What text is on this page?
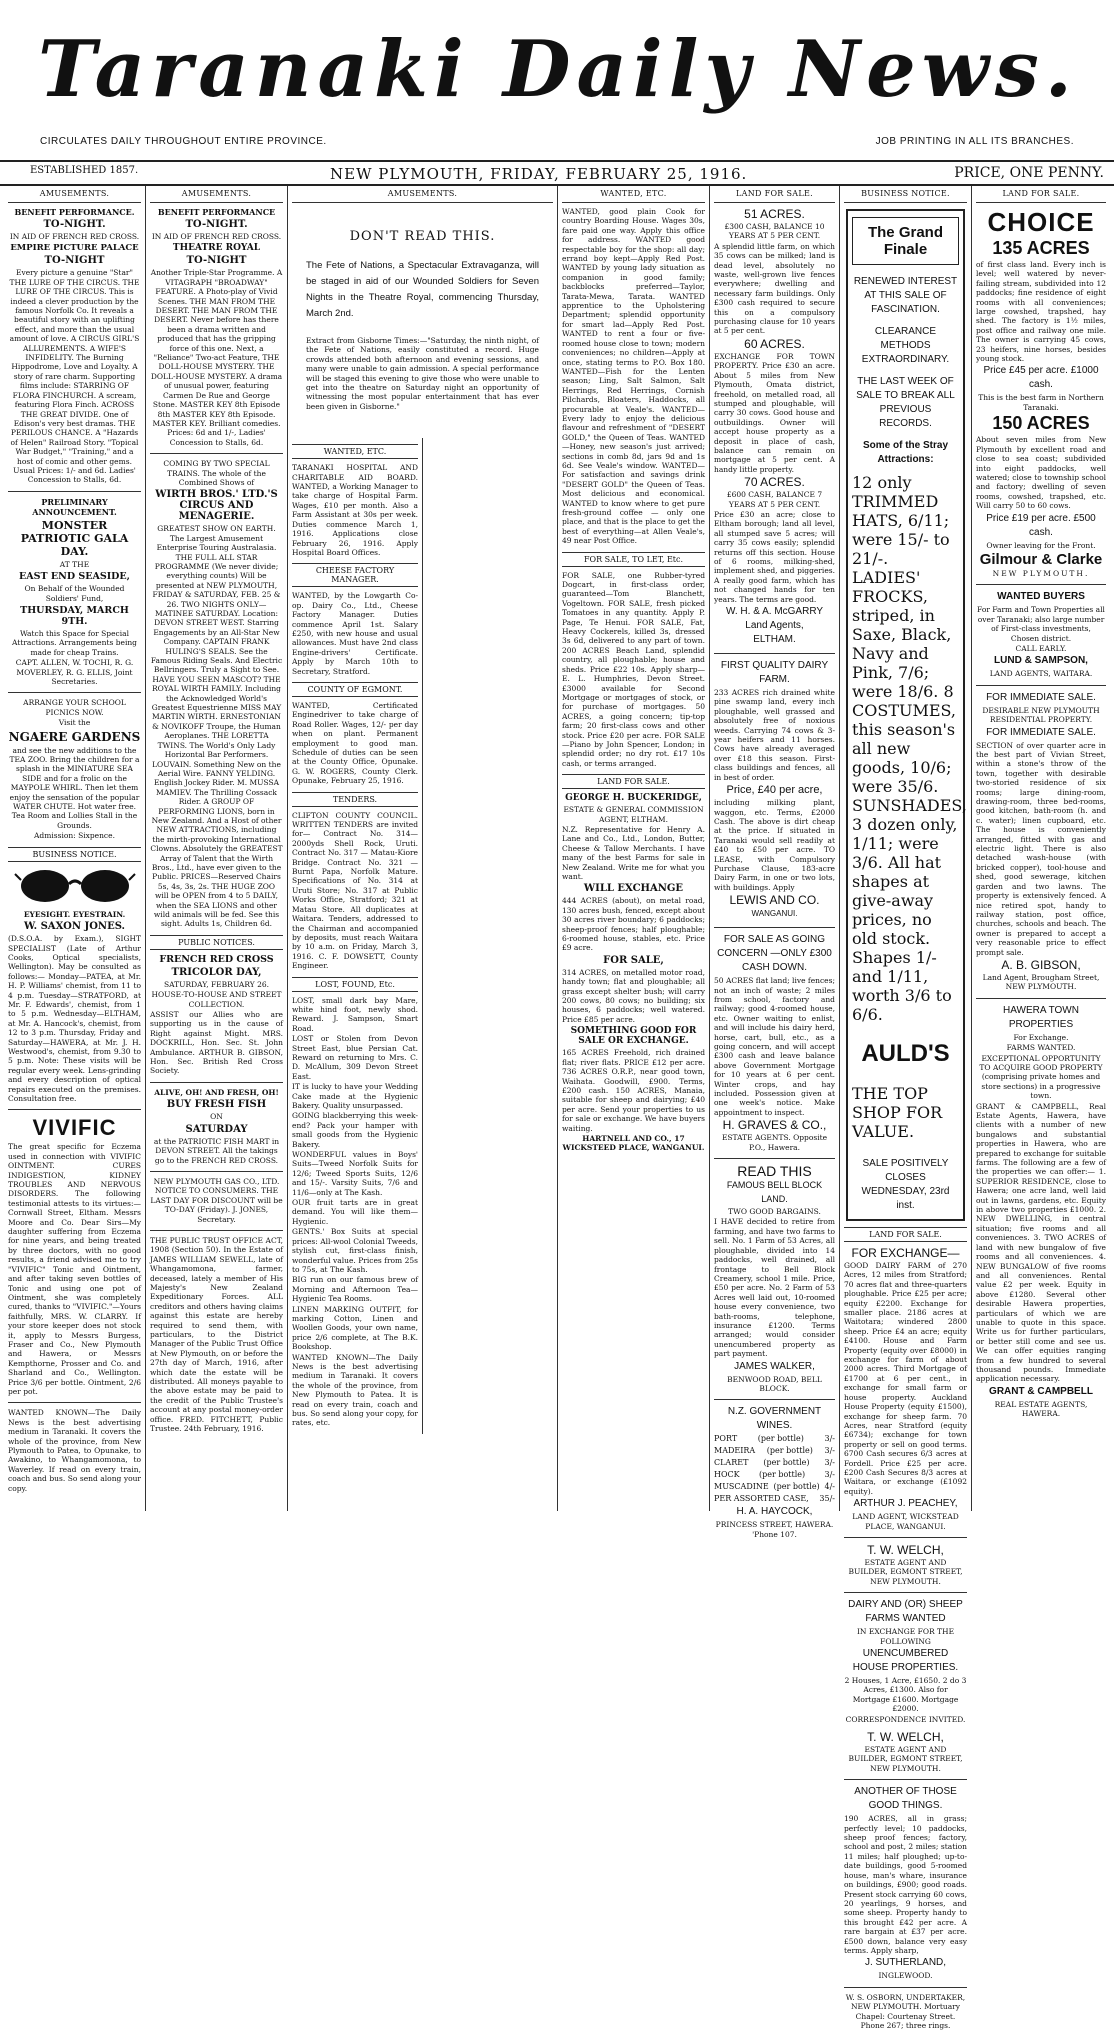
Taranaki Daily News.
CIRCULATES DAILY THROUGHOUT ENTIRE PROVINCE.	JOB PRINTING IN ALL ITS BRANCHES.
ESTABLISHED 1857.	NEW PLYMOUTH, FRIDAY, FEBRUARY 25, 1916.	PRICE, ONE PENNY.
AMUSEMENTS.
BENEFIT PERFORMANCE.
TO-NIGHT.

IN AID OF FRENCH RED CROSS.

EMPIRE PICTURE PALACE
TO-NIGHT

Every picture a genuine "Star" THE LURE OF THE CIRCUS. THE LURE OF THE CIRCUS. This is indeed a clever production by the famous Norfolk Co. It reveals a beautiful story with an uplifting effect, and more than the usual amount of love. A CIRCUS GIRL'S ALLUREMENTS. A WIFE'S INFIDELITY. The Burning Hippodrome, Love and Loyalty. A story of rare charm. Supporting films include: STARRING OF FLORA FINCHURCH. A scream, featuring Flora Finch. ACROSS THE GREAT DIVIDE. One of Edison's very best dramas. THE PERILOUS CHANCE. A "Hazards of Helen" Railroad Story. "Topical War Budget," "Training," and a host of comic and other gems. Usual Prices: 1/- and 6d. Ladies' Concession to Stalls, 6d.

PRELIMINARY ANNOUNCEMENT.
MONSTER PATRIOTIC GALA DAY.

AT THE

EAST END SEASIDE,

On Behalf of the Wounded Soldiers' Fund,

THURSDAY, MARCH 9TH.

Watch this Space for Special Attractions. Arrangements being made for cheap Trains.

CAPT. ALLEN, W. TOCHI, R. G. MOVERLEY, R. G. ELLIS, Joint Secretaries.

ARRANGE YOUR SCHOOL PICNICS NOW.

Visit the

NGAERE GARDENS

and see the new additions to the TEA ZOO. Bring the children for a splash in the MINIATURE SEA SIDE and for a frolic on the MAYPOLE WHIRL. Then let them enjoy the sensation of the popular WATER CHUTE. Hot water free. Tea Room and Lollies Stall in the Grounds.

Admission: Sixpence.

BUSINESS NOTICE.

EYESIGHT. EYESTRAIN.

W. SAXON JONES.

(D.S.O.A. by Exam.), SIGHT SPECIALIST (Late of Arthur Cooks, Optical specialists, Wellington). May be consulted as follows:— Monday—PATEA, at Mr. H. P. Williams' chemist, from 11 to 4 p.m. Tuesday—STRATFORD, at Mr. F. Edwards', chemist, from 1 to 5 p.m. Wednesday—ELTHAM, at Mr. A. Hancock's, chemist, from 12 to 3 p.m. Thursday, Friday and Saturday—HAWERA, at Mr. J. H. Westwood's, chemist, from 9.30 to 5 p.m. Note: These visits will be regular every week. Lens-grinding and every description of optical repairs executed on the premises. Consultation free.

VIVIFIC

The great specific for Eczema used in connection with VIVIFIC OINTMENT. CURES INDIGESTION, KIDNEY TROUBLES AND NERVOUS DISORDERS. The following testimonial attests to its virtues:— Cornwall Street, Eltham. Messrs Moore and Co. Dear Sirs—My daughter suffering from Eczema for nine years, and being treated by three doctors, with no good results, a friend advised me to try "VIVIFIC" Tonic and Ointment, and after taking seven bottles of Tonic and using one pot of Ointment, she was completely cured, thanks to "VIVIFIC."—Yours faithfully, MRS. W. CLARRY. If your store keeper does not stock it, apply to Messrs Burgess, Fraser and Co., New Plymouth and Hawera, or Messrs Kempthorne, Prosser and Co. and Sharland and Co., Wellington. Price 3/6 per bottle. Ointment, 2/6 per pot.

WANTED KNOWN—The Daily News is the best advertising medium in Taranaki. It covers the whole of the province, from New Plymouth to Patea, to Opunake, to Awakino, to Whangamomona, to Waverley. If read on every train, coach and bus. So send along your copy.

AMUSEMENTS.
BENEFIT PERFORMANCE
TO-NIGHT.

IN AID OF FRENCH RED CROSS.

THEATRE ROYAL
TO-NIGHT

Another Triple-Star Programme. A VITAGRAPH "BROADWAY" FEATURE. A Photo-play of Vivid Scenes. THE MAN FROM THE DESERT. THE MAN FROM THE DESERT. Never before has there been a drama written and produced that has the gripping force of this one. Next, a "Reliance" Two-act Feature, THE DOLL-HOUSE MYSTERY. THE DOLL-HOUSE MYSTERY. A drama of unusual power, featuring Carmen De Rue and George Stone. MASTER KEY 8th Episode 8th MASTER KEY 8th Episode. MASTER KEY. Brilliant comedies. Prices: 6d and 1/-, Ladies' Concession to Stalls, 6d.

COMING BY TWO SPECIAL TRAINS. The whole of the Combined Shows of

WIRTH BROS.' LTD.'S CIRCUS AND MENAGERIE.

GREATEST SHOW ON EARTH. The Largest Amusement Enterprise Touring Australasia. THE FULL ALL STAR PROGRAMME (We never divide; everything counts) Will be presented at NEW PLYMOUTH, FRIDAY & SATURDAY, FEB. 25 & 26. TWO NIGHTS ONLY—MATINEE SATURDAY. Location: DEVON STREET WEST. Starring Engagements by an All-Star New Company. CAPTAIN FRANK HULING'S SEALS. See the Famous Riding Seals. And Electric Bellringers. Truly a Sight to See. HAVE YOU SEEN MASCOT? THE ROYAL WIRTH FAMILY. Including the Acknowledged World's Greatest Equestrienne MISS MAY MARTIN WIRTH. ERNESTONIAN & NOVIKOFF Troupe, the Human Aeroplanes. THE LORETTA TWINS. The World's Only Lady Horizontal Bar Performers. LOUVAIN. Something New on the Aerial Wire. FANNY YELDING. English Jockey Rider. M. MUSSA MAMIEV. The Thrilling Cossack Rider. A GROUP OF PERFORMING LIONS, born in New Zealand. And a Host of other NEW ATTRACTIONS, including the mirth-provoking International Clowns. Absolutely the GREATEST Array of Talent that the Wirth Bros., Ltd., have ever given to the Public. PRICES—Reserved Chairs 5s, 4s, 3s, 2s. THE HUGE ZOO will be OPEN from 4 to 5 DAILY, when the SEA LIONS and other wild animals will be fed. See this sight. Adults 1s, Children 6d.

PUBLIC NOTICES.
FRENCH RED CROSS
TRICOLOR DAY,

SATURDAY, FEBRUARY 26.

HOUSE-TO-HOUSE AND STREET COLLECTION.

ASSIST our Allies who are supporting us in the cause of Right against Might. MRS. DOCKRILL, Hon. Sec. St. John Ambulance. ARTHUR B. GIBSON, Hon. Sec. British Red Cross Society.

ALIVE, OH! AND FRESH, OH!

BUY FRESH FISH

ON

SATURDAY

at the PATRIOTIC FISH MART in DEVON STREET. All the takings go to the FRENCH RED CROSS.

NEW PLYMOUTH GAS CO., LTD. NOTICE TO CONSUMERS. THE LAST DAY FOR DISCOUNT will be TO-DAY (Friday). J. JONES, Secretary.

THE PUBLIC TRUST OFFICE ACT, 1908 (Section 50). In the Estate of JAMES WILLIAM SEWELL, late of Whangamomona, farmer, deceased, lately a member of His Majesty's New Zealand Expeditionary Forces. ALL creditors and others having claims against this estate are hereby required to send them, with particulars, to the District Manager of the Public Trust Office at New Plymouth, on or before the 27th day of March, 1916, after which date the estate will be distributed. All moneys payable to the above estate may be paid to the credit of the Public Trustee's account at any postal money-order office. FRED. FITCHETT, Public Trustee. 24th February, 1916.

AMUSEMENTS.
DON'T READ THIS.

The Fete of Nations, a Spectacular Extravaganza, will be staged in aid of our Wounded Soldiers for Seven Nights in the Theatre Royal, commencing Thursday, March 2nd.

Extract from Gisborne Times:—"Saturday, the ninth night, of the Fete of Nations, easily constituted a record. Huge crowds attended both afternoon and evening sessions, and many were unable to gain admission. A special performance will be staged this evening to give those who were unable to get into the theatre on Saturday night an opportunity of witnessing the most popular entertainment that has ever been given in Gisborne."

WANTED, ETC.

TARANAKI HOSPITAL AND CHARITABLE AID BOARD. WANTED, a Working Manager to take charge of Hospital Farm. Wages, £10 per month. Also a Farm Assistant at 30s per week. Duties commence March 1, 1916. Applications close February 26, 1916. Apply Hospital Board Offices.

CHEESE FACTORY MANAGER.

WANTED, by the Lowgarth Co-op. Dairy Co., Ltd., Cheese Factory Manager. Duties commence April 1st. Salary £250, with new house and usual allowances. Must have 2nd class Engine-drivers' Certificate. Apply by March 10th to Secretary, Stratford.

COUNTY OF EGMONT.

WANTED, Certificated Enginedriver to take charge of Road Roller. Wages, 12/- per day when on plant. Permanent employment to good man. Schedule of duties can be seen at the County Office, Opunake. G. W. ROGERS, County Clerk. Opunake, February 25, 1916.

TENDERS.

CLIFTON COUNTY COUNCIL. WRITTEN TENDERS are invited for— Contract No. 314—2000yds Shell Rock, Uruti. Contract No. 317 — Matau-Kiore Bridge. Contract No. 321 — Burnt Papa, Norfolk Mature. Specifications of No. 314 at Uruti Store; No. 317 at Public Works Office, Stratford; 321 at Matau Store. All duplicates at Waitara. Tenders, addressed to the Chairman and accompanied by deposits, must reach Waitara by 10 a.m. on Friday, March 3, 1916. C. F. DOWSETT, County Engineer.

LOST, FOUND, Etc.

LOST, small dark bay Mare, white hind foot, newly shod. Reward. J. Sampson, Smart Road.

LOST or Stolen from Devon Street East, blue Persian Cat. Reward on returning to Mrs. C. D. McAllum, 309 Devon Street East.

IT is lucky to have your Wedding Cake made at the Hygienic Bakery. Quality unsurpassed.

GOING blackberrying this week-end? Pack your hamper with small goods from the Hygienic Bakery.

WONDERFUL values in Boys' Suits—Tweed Norfolk Suits for 12/6; Tweed Sports Suits, 12/6 and 15/-. Varsity Suits, 7/6 and 11/6—only at The Kash.

OUR fruit tarts are in great demand. You will like them—Hygienic.

GENTS.' Box Suits at special prices: All-wool Colonial Tweeds, stylish cut, first-class finish, wonderful value. Prices from 25s to 75s, at The Kash.

BIG run on our famous brew of Morning and Afternoon Tea—Hygienic Tea Rooms.

LINEN MARKING OUTFIT, for marking Cotton, Linen and Woollen Goods, your own name, price 2/6 complete, at The B.K. Bookshop.

WANTED KNOWN—The Daily News is the best advertising medium in Taranaki. It covers the whole of the province, from New Plymouth to Patea. It is read on every train, coach and bus. So send along your copy, for rates, etc.

WANTED, ETC.

WANTED, good plain Cook for country Boarding House. Wages 30s, fare paid one way. Apply this office for address. WANTED good respectable boy for the shop: all day; errand boy kept—Apply Red Post. WANTED by young lady situation as companion in good family; backblocks preferred—Taylor, Tarata-Mewa, Tarata. WANTED apprentice to the Upholstering Department; splendid opportunity for smart lad—Apply Red Post. WANTED to rent a four or five-roomed house close to town; modern conveniences; no children—Apply at once, stating terms to P.O. Box 180. WANTED—Fish for the Lenten season; Ling, Salt Salmon, Salt Herrings, Red Herrings, Cornish Pilchards, Bloaters, Haddocks, all procurable at Veale's. WANTED—Every lady to enjoy the delicious flavour and refreshment of "DESERT GOLD," the Queen of Teas. WANTED—Honey, new season's just arrived; sections in comb 8d, jars 9d and 1s 6d. See Veale's window. WANTED—For satisfaction and savings drink "DESERT GOLD" the Queen of Teas. Most delicious and economical. WANTED to know where to get pure fresh-ground coffee — only one place, and that is the place to get the best of everything—at Allen Veale's, 49 near Post Office.

FOR SALE, TO LET, Etc.

FOR SALE, one Rubber-tyred Dogcart, in first-class order, guaranteed—Tom Blanchett, Vogeltown. FOR SALE, fresh picked Tomatoes in any quantity. Apply P. Page, Te Henui. FOR SALE, Fat, Heavy Cockerels, killed 3s, dressed 3s 6d, delivered to any part of town. 200 ACRES Beach Land, splendid country, all ploughable; house and sheds. Price £22 10s. Apply sharp—E. L. Humphries, Devon Street. £3000 available for Second Mortgage or mortgages of stock, or for purchase of mortgages. 50 ACRES, a going concern; tip-top farm; 20 first-class cows and other stock. Price £20 per acre. FOR SALE—Piano by John Spencer, London; in splendid order; no dry rot. £17 10s cash, or terms arranged.

LAND FOR SALE.
GEORGE H. BUCKERIDGE,

ESTATE & GENERAL COMMISSION AGENT, ELTHAM.

N.Z. Representative for Henry A. Lane and Co., Ltd., London, Butter, Cheese & Tallow Merchants. I have many of the best Farms for sale in New Zealand. Write me for what you want.

WILL EXCHANGE

444 ACRES (about), on metal road, 130 acres bush, fenced, except about 30 acres river boundary; 6 paddocks; sheep-proof fences; half ploughable; 6-roomed house, stables, etc. Price £9 acre.

FOR SALE,

314 ACRES, on metalled motor road, handy town; flat and ploughable; all grass except shelter bush; will carry 200 cows, 80 cows; no building; six houses, 6 paddocks; well watered. Price £85 per acre.

SOMETHING GOOD FOR SALE OR EXCHANGE.

165 ACRES Freehold, rich drained flat; river flats. PRICE £12 per acre. 736 ACRES O.R.P., near good town, Waihata. Goodwill, £900. Terms, £200 cash. 150 ACRES, Manaia, suitable for sheep and dairying; £40 per acre. Send your properties to us for sale or exchange. We have buyers waiting.

HARTNELL AND CO., 17 WICKSTEED PLACE, WANGANUI.

LAND FOR SALE.
51 ACRES.

£300 CASH, BALANCE 10 YEARS AT 5 PER CENT.

A splendid little farm, on which 35 cows can be milked; land is dead level, absolutely no waste, well-grown live fences everywhere; dwelling and necessary farm buildings. Only £300 cash required to secure this on a compulsory purchasing clause for 10 years at 5 per cent.

60 ACRES.

EXCHANGE FOR TOWN PROPERTY. Price £30 an acre. About 5 miles from New Plymouth, Omata district, freehold, on metalled road, all stumped and ploughable, will carry 30 cows. Good house and outbuildings. Owner will accept house property as a deposit in place of cash, balance can remain on mortgage at 5 per cent. A handy little property.

70 ACRES.

£600 CASH, BALANCE 7 YEARS AT 5 PER CENT.

Price £30 an acre; close to Eltham borough; land all level, all stumped save 5 acres; will carry 35 cows easily; splendid returns off this section. House of 6 rooms, milking-shed, implement shed, and piggeries. A really good farm, which has not changed hands for ten years. The terms are good.

W. H. & A. McGARRY
Land Agents,
ELTHAM.
FIRST QUALITY DAIRY FARM.

233 ACRES rich drained white pine swamp land, every inch ploughable, well grassed and absolutely free of noxious weeds. Carrying 74 cows & 3-year heifers and 11 horses. Cows have already averaged over £18 this season. First-class buildings and fences, all in best of order.

Price, £40 per acre,

including milking plant, waggon, etc. Terms, £2000 Cash. The above is dirt cheap at the price. If situated in Taranaki would sell readily at £40 to £50 per acre. TO LEASE, with Compulsory Purchase Clause, 183-acre Dairy Farm, in one or two lots, with buildings. Apply

LEWIS AND CO.
WANGANUI.
FOR SALE AS GOING CONCERN —ONLY £300 CASH DOWN.

50 ACRES flat land; live fences; not an inch of waste; 2 miles from school, factory and railway; good 4-roomed house, etc. Owner waiting to enlist, and will include his dairy herd, horse, cart, bull, etc., as a going concern, and will accept £300 cash and leave balance above Government Mortgage for 10 years at 6 per cent. Winter crops, and hay included. Possession given at one week's notice. Make appointment to inspect.

H. GRAVES & CO.,

ESTATE AGENTS. Opposite P.O., Hawera.

READ THIS
FAMOUS BELL BLOCK LAND.

TWO GOOD BARGAINS.

I HAVE decided to retire from farming, and have two farms to sell. No. 1 Farm of 53 Acres, all ploughable, divided into 14 paddocks, well drained, all frontage to Bell Block Creamery, school 1 mile. Price, £50 per acre. No. 2 Farm of 53 Acres well laid out, 10-roomed house every convenience, two bath-rooms, telephone, insurance £1200. Terms arranged; would consider unencumbered property as part payment.

JAMES WALKER,

BENWOOD ROAD, BELL BLOCK.

N.Z. GOVERNMENT WINES.
PORT	(per bottle)	3/-
MADEIRA (per bottle) 3/-
CLARET (per bottle) 3/-
HOCK (per bottle) 3/-
MUSCADINE (per bottle) 4/-
PER ASSORTED CASE, 35/-
H. A. HAYCOCK,

PRINCESS STREET, HAWERA. 'Phone 107.

BUSINESS NOTICE.
The Grand Finale
RENEWED INTEREST AT THIS SALE OF FASCINATION.
CLEARANCE METHODS EXTRAORDINARY.
THE LAST WEEK OF SALE TO BREAK ALL PREVIOUS RECORDS.
Some of the Stray Attractions:

12 only TRIMMED HATS, 6/11; were 15/- to 21/-. LADIES' FROCKS, striped, in Saxe, Black, Navy and Pink, 7/6; were 18/6. 8 COSTUMES, this season's all new goods, 10/6; were 35/6. SUNSHADES, 3 dozen only, 1/11; were 3/6. All hat shapes at give-away prices, no old stock. Shapes 1/- and 1/11, worth 3/6 to 6/6.

AULD'S

THE TOP SHOP FOR VALUE.

SALE POSITIVELY CLOSES WEDNESDAY, 23rd inst.
LAND FOR SALE.
FOR EXCHANGE—

GOOD DAIRY FARM of 270 Acres, 12 miles from Stratford; 70 acres flat and three-quarters ploughable. Price £25 per acre; equity £2200. Exchange for smaller place. 2186 acres at Waitotara; windered 2800 sheep. Price £4 an acre; equity £4100. House and Farm Property (equity over £8000) in exchange for farm of about 2000 acres. Third Mortgage of £1700 at 6 per cent., in exchange for small farm or house property. Auckland House Property (equity £1500), exchange for sheep farm. 70 Acres, near Stratford (equity £6734); exchange for town property or sell on good terms. 6700 Cash secures 6/3 acres at Fordell. Price £25 per acre. £200 Cash Secures 8/3 acres at Waitara, or exchange (£1092 equity).

ARTHUR J. PEACHEY,

LAND AGENT, WICKSTEAD PLACE, WANGANUI.

T. W. WELCH,

ESTATE AGENT AND BUILDER, EGMONT STREET, NEW PLYMOUTH.

DAIRY AND (OR) SHEEP FARMS WANTED

IN EXCHANGE FOR THE FOLLOWING

UNENCUMBERED HOUSE PROPERTIES.

2 Houses, 1 Acre, £1650. 2 do 3 Acres, £1300. Also for Mortgage £1600. Mortgage £2000.

CORRESPONDENCE INVITED.

T. W. WELCH,

ESTATE AGENT AND BUILDER, EGMONT STREET, NEW PLYMOUTH.

ANOTHER OF THOSE GOOD THINGS.

190 ACRES, all in grass; perfectly level; 10 paddocks, sheep proof fences; factory, school and post, 2 miles; station 11 miles; half ploughed; up-to-date buildings, good 5-roomed house, man's whare, insurance on buildings, £900; good roads. Present stock carrying 60 cows, 20 yearlings, 9 horses, and some sheep. Property handy to this brought £42 per acre. A rare bargain at £37 per acre. £500 down, balance very easy terms. Apply sharp,

J. SUTHERLAND,

INGLEWOOD.

W. S. OSBORN, UNDERTAKER, NEW PLYMOUTH. Mortuary Chapel: Courtenay Street. Phone 267; three rings.

LAND FOR SALE.
CHOICE
135 ACRES

of first class land. Every inch is level; well watered by never-failing stream, subdivided into 12 paddocks; fine residence of eight rooms with all conveniences; large cowshed, trapshed, hay shed. The factory is 1½ miles, post office and railway one mile. The owner is carrying 45 cows, 23 heifers, nine horses, besides young stock.

Price £45 per acre. £1000 cash.

This is the best farm in Northern Taranaki.

150 ACRES

About seven miles from New Plymouth by excellent road and close to sea coast; subdivided into eight paddocks, well watered; close to township school and factory; dwelling of seven rooms, cowshed, trapshed, etc. Will carry 50 to 60 cows.

Price £19 per acre. £500 cash.

Owner leaving for the Front.

Gilmour & Clarke

NEW PLYMOUTH.

WANTED BUYERS

For Farm and Town Properties all over Taranaki; also large number of First-class investments, Chosen district.

CALL EARLY.

LUND & SAMPSON,

LAND AGENTS, WAITARA.

FOR IMMEDIATE SALE.

DESIRABLE NEW PLYMOUTH RESIDENTIAL PROPERTY.

FOR IMMEDIATE SALE.

SECTION of over quarter acre in the best part of Vivian Street, within a stone's throw of the town, together with desirable two-storied residence of six rooms; large dining-room, drawing-room, three bed-rooms, good kitchen, bath-room (h. and c. water); linen cupboard, etc. The house is conveniently arranged, fitted with gas and electric light. There is also detached wash-house (with bricked copper), tool-house and shed, good sewerage, kitchen garden and two lawns. The property is extensively fenced. A nice retired spot, handy to railway station, post office, churches, schools and beach. The owner is prepared to accept a very reasonable price to effect prompt sale.

A. B. GIBSON,

Land Agent, Brougham Street, NEW PLYMOUTH.

HAWERA TOWN PROPERTIES

For Exchange.

FARMS WANTED.

EXCEPTIONAL OPPORTUNITY TO ACQUIRE GOOD PROPERTY (comprising private homes and store sections) in a progressive town.

GRANT & CAMPBELL, Real Estate Agents, Hawera, have clients with a number of new bungalows and substantial properties in Hawera, who are prepared to exchange for suitable farms. The following are a few of the properties we can offer:— 1. SUPERIOR RESIDENCE, close to Hawera; one acre land, well laid out in lawns, gardens, etc. Equity in above two properties £1000. 2. NEW DWELLING, in central situation; five rooms and all conveniences. 3. TWO ACRES of land with new bungalow of five rooms and all conveniences. 4. NEW BUNGALOW of five rooms and all conveniences. Rental value £2 per week. Equity in above £1280. Several other desirable Hawera properties, particulars of which we are unable to quote in this space. Write us for further particulars, or better still come and see us. We can offer equities ranging from a few hundred to several thousand pounds. Immediate application necessary.

GRANT & CAMPBELL

REAL ESTATE AGENTS, HAWERA.
